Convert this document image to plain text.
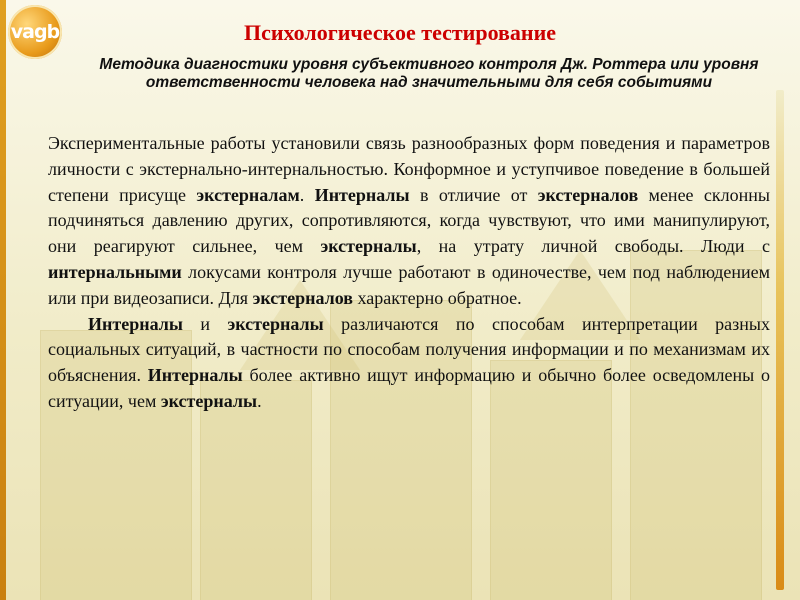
vagb	Психологическое тестирование
Методика диагностики уровня субъективного контроля Дж. Роттера или уровня ответственности человека над значительными для себя событиями

Экспериментальные работы установили связь разнообразных форм поведения и параметров личности с экстернально-интернальностью. Конформное и уступчивое поведение в большей степени присуще экстерналам. Интерналы в отличие от экстерналов менее склонны подчиняться давлению других, сопротивляются, когда чувствуют, что ими манипулируют, они реагируют сильнее, чем экстерналы, на утрату личной свободы. Люди с интернальными локусами контроля лучше работают в одиночестве, чем под наблюдением или при видеозаписи. Для экстерналов характерно обратное.

Интерналы и экстерналы различаются по способам интерпретации разных социальных ситуаций, в частности по способам получения информации и по механизмам их объяснения. Интерналы более активно ищут информацию и обычно более осведомлены о ситуации, чем экстерналы.
